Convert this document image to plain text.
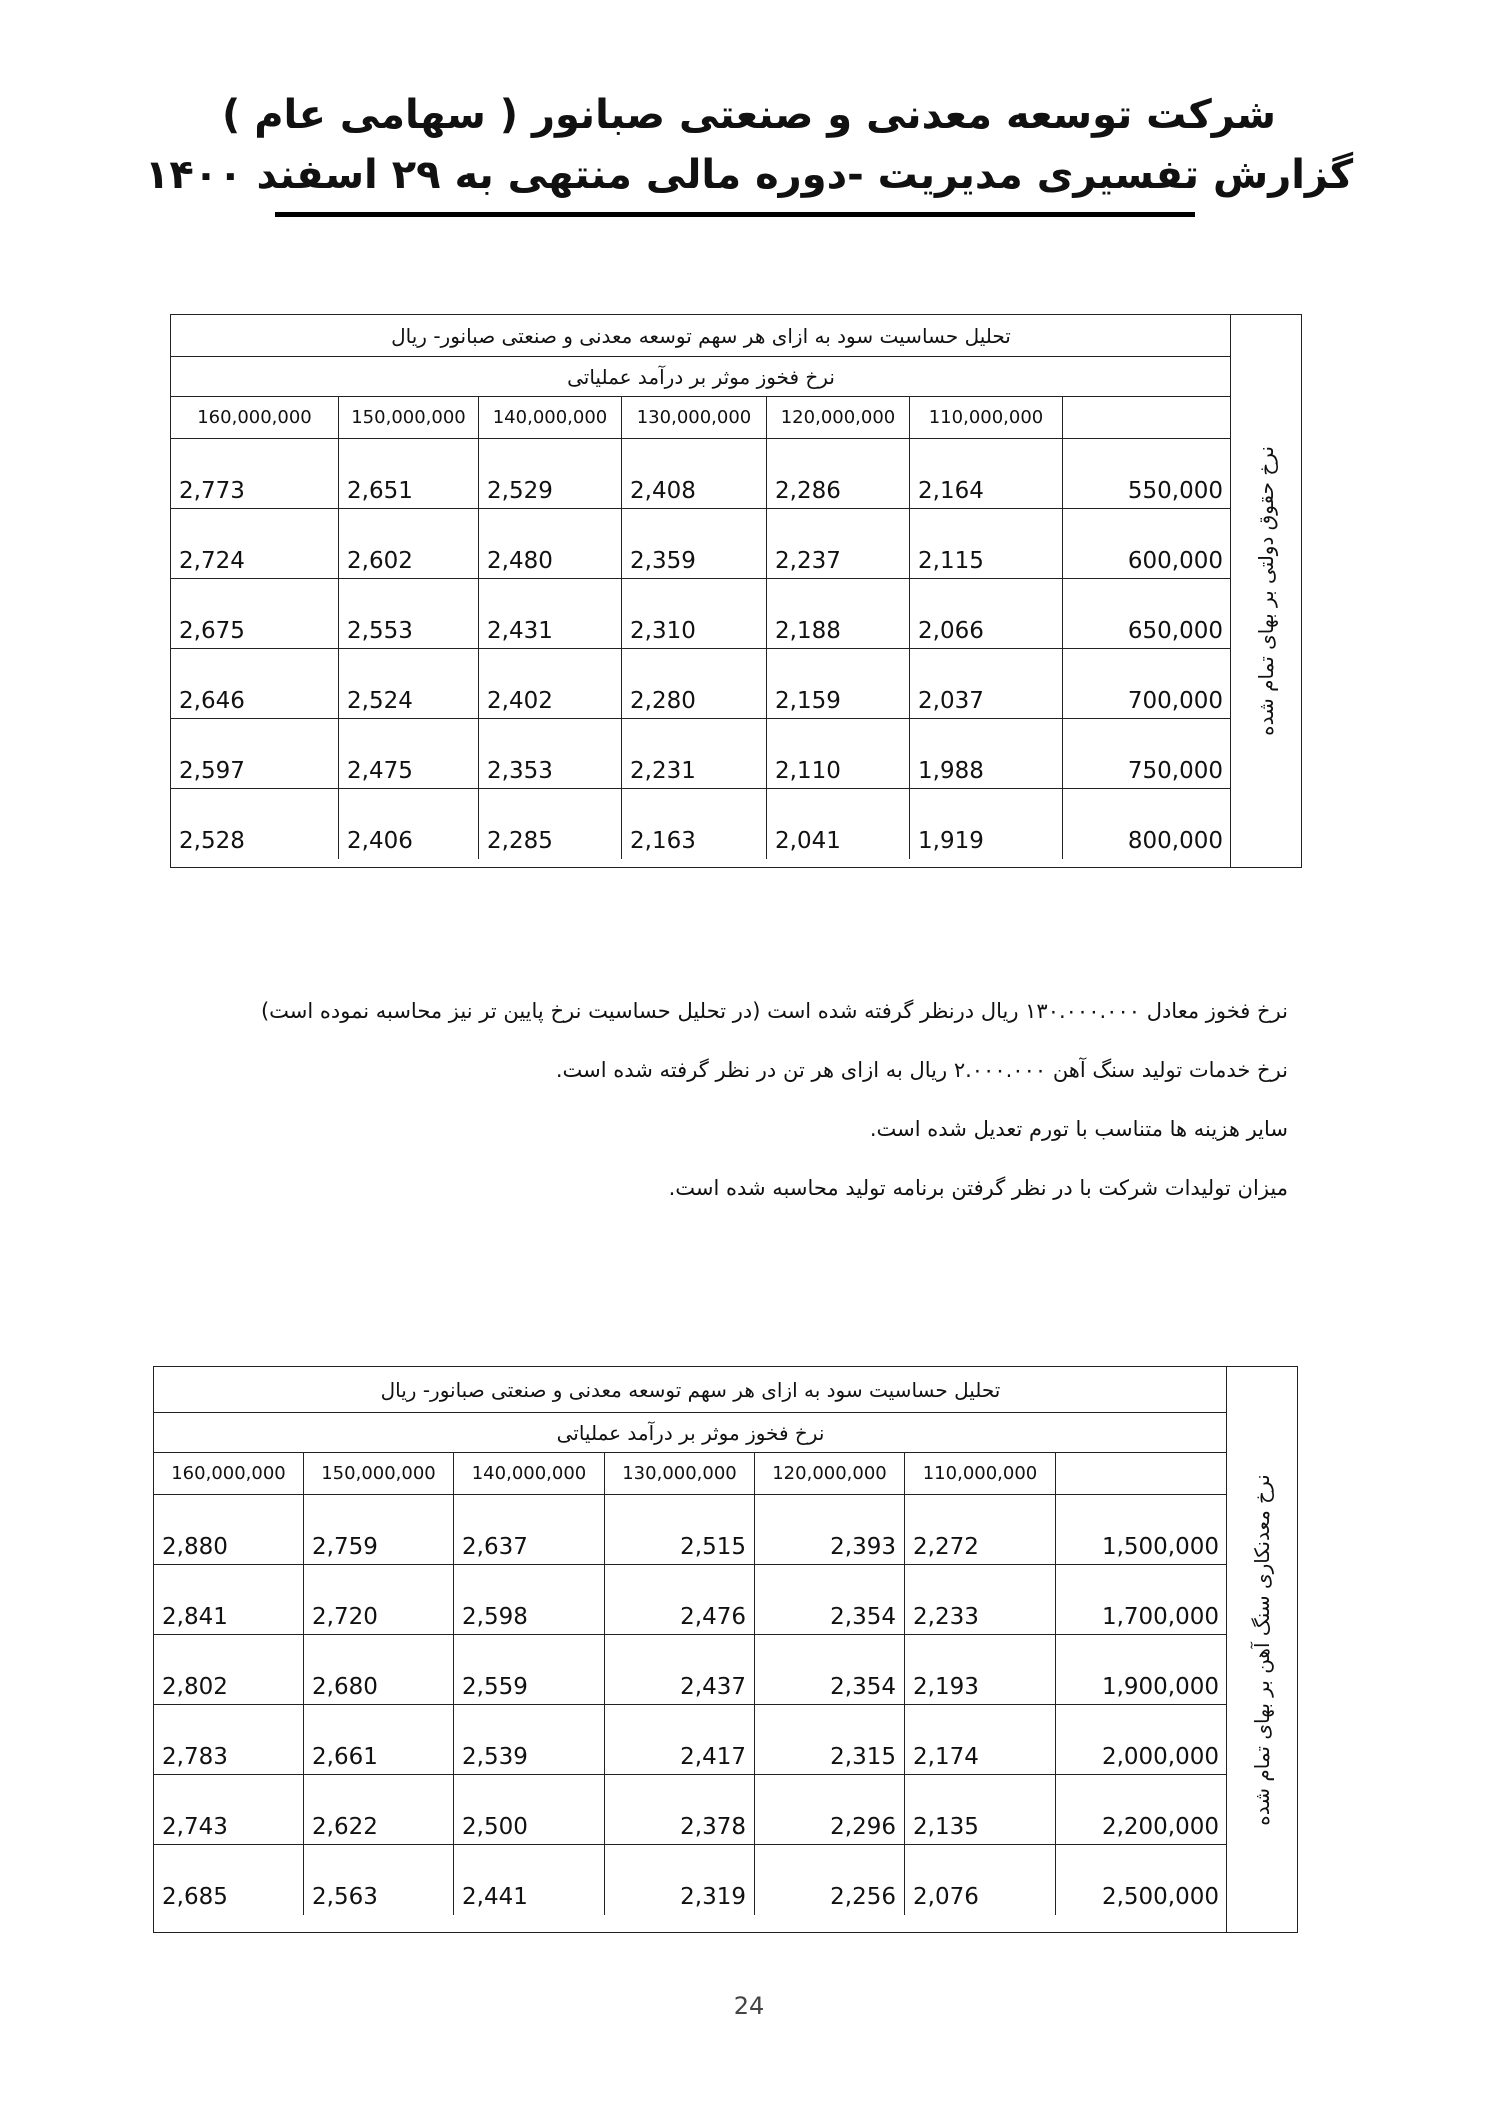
شرکت توسعه معدنی و صنعتی صبانور ( سهامی عام )
گزارش تفسیری مدیریت -دوره مالی منتهی به ۲۹ اسفند ۱۴۰۰
نرخ حقوق دولتی بر بهای تمام شده
تحلیل حساسیت سود به ازای هر سهم توسعه معدنی و صنعتی صبانور- ریال
نرخ فخوز موثر بر درآمد عملیاتی
160,000,000	150,000,000	140,000,000	130,000,000	120,000,000	110,000,000
2,773	2,651	2,529	2,408	2,286	2,164	550,000
2,724	2,602	2,480	2,359	2,237	2,115	600,000
2,675	2,553	2,431	2,310	2,188	2,066	650,000
2,646	2,524	2,402	2,280	2,159	2,037	700,000
2,597	2,475	2,353	2,231	2,110	1,988	750,000
2,528	2,406	2,285	2,163	2,041	1,919	800,000

نرخ فخوز معادل ۱۳۰.۰۰۰.۰۰۰ ریال درنظر گرفته شده است (در تحلیل حساسیت نرخ پایین تر نیز محاسبه نموده است)

نرخ خدمات تولید سنگ آهن ۲.۰۰۰.۰۰۰ ریال به ازای هر تن در نظر گرفته شده است.

سایر هزینه ها متناسب با تورم تعدیل شده است.

میزان تولیدات شرکت با در نظر گرفتن برنامه تولید محاسبه شده است.

نرخ معدنکاری سنگ آهن بر بهای تمام شده
تحلیل حساسیت سود به ازای هر سهم توسعه معدنی و صنعتی صبانور- ریال
نرخ فخوز موثر بر درآمد عملیاتی
160,000,000	150,000,000	140,000,000	130,000,000	120,000,000	110,000,000
2,880	2,759	2,637	2,515	2,393 2,272	1,500,000
2,841	2,720	2,598	2,476	2,354 2,233	1,700,000
2,802	2,680	2,559	2,437	2,354 2,193	1,900,000
2,783	2,661	2,539	2,417	2,315 2,174	2,000,000
2,743	2,622	2,500	2,378	2,296 2,135	2,200,000
2,685	2,563	2,441	2,319	2,256 2,076	2,500,000
24
